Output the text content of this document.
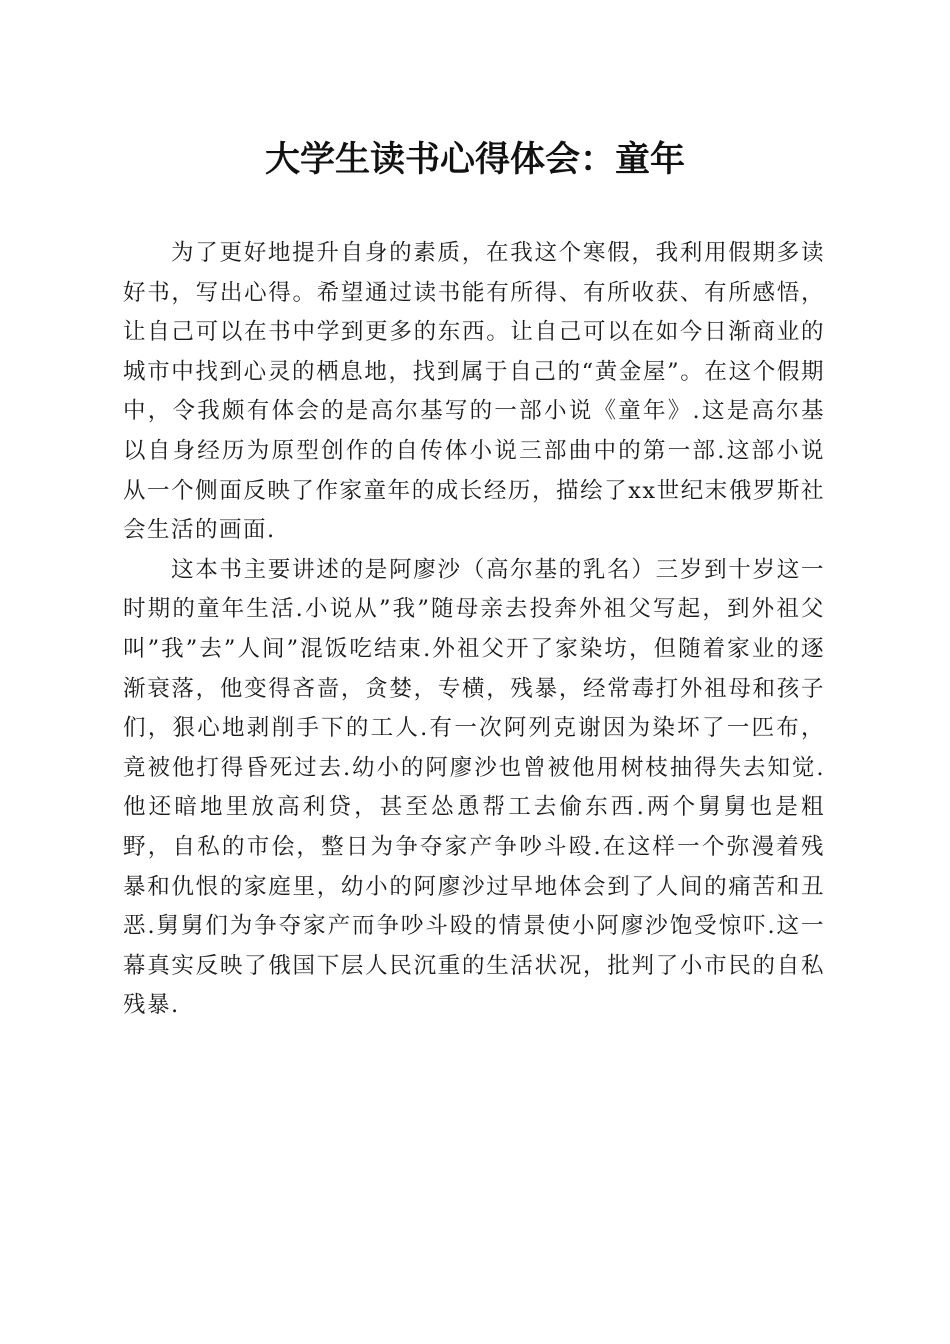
大学生读书心得体会：童年

为了更好地提升自身的素质，在我这个寒假，我利用假期多读好书，写出心得。希望通过读书能有所得、有所收获、有所感悟，让自己可以在书中学到更多的东西。让自己可以在如今日渐商业的城市中找到心灵的栖息地，找到属于自己的“黄金屋”。在这个假期中，令我颇有体会的是高尔基写的一部小说《童年》.这是高尔基以自身经历为原型创作的自传体小说三部曲中的第一部.这部小说从一个侧面反映了作家童年的成长经历，描绘了xx世纪末俄罗斯社会生活的画面.

这本书主要讲述的是阿廖沙（高尔基的乳名）三岁到十岁这一时期的童年生活.小说从”我”随母亲去投奔外祖父写起，到外祖父叫”我”去”人间”混饭吃结束.外祖父开了家染坊，但随着家业的逐渐衰落，他变得吝啬，贪婪，专横，残暴，经常毒打外祖母和孩子们，狠心地剥削手下的工人.有一次阿列克谢因为染坏了一匹布，竟被他打得昏死过去.幼小的阿廖沙也曾被他用树枝抽得失去知觉.他还暗地里放高利贷，甚至怂恿帮工去偷东西.两个舅舅也是粗野，自私的市侩，整日为争夺家产争吵斗殴.在这样一个弥漫着残暴和仇恨的家庭里，幼小的阿廖沙过早地体会到了人间的痛苦和丑恶.舅舅们为争夺家产而争吵斗殴的情景使小阿廖沙饱受惊吓.这一幕真实反映了俄国下层人民沉重的生活状况，批判了小市民的自私残暴.
